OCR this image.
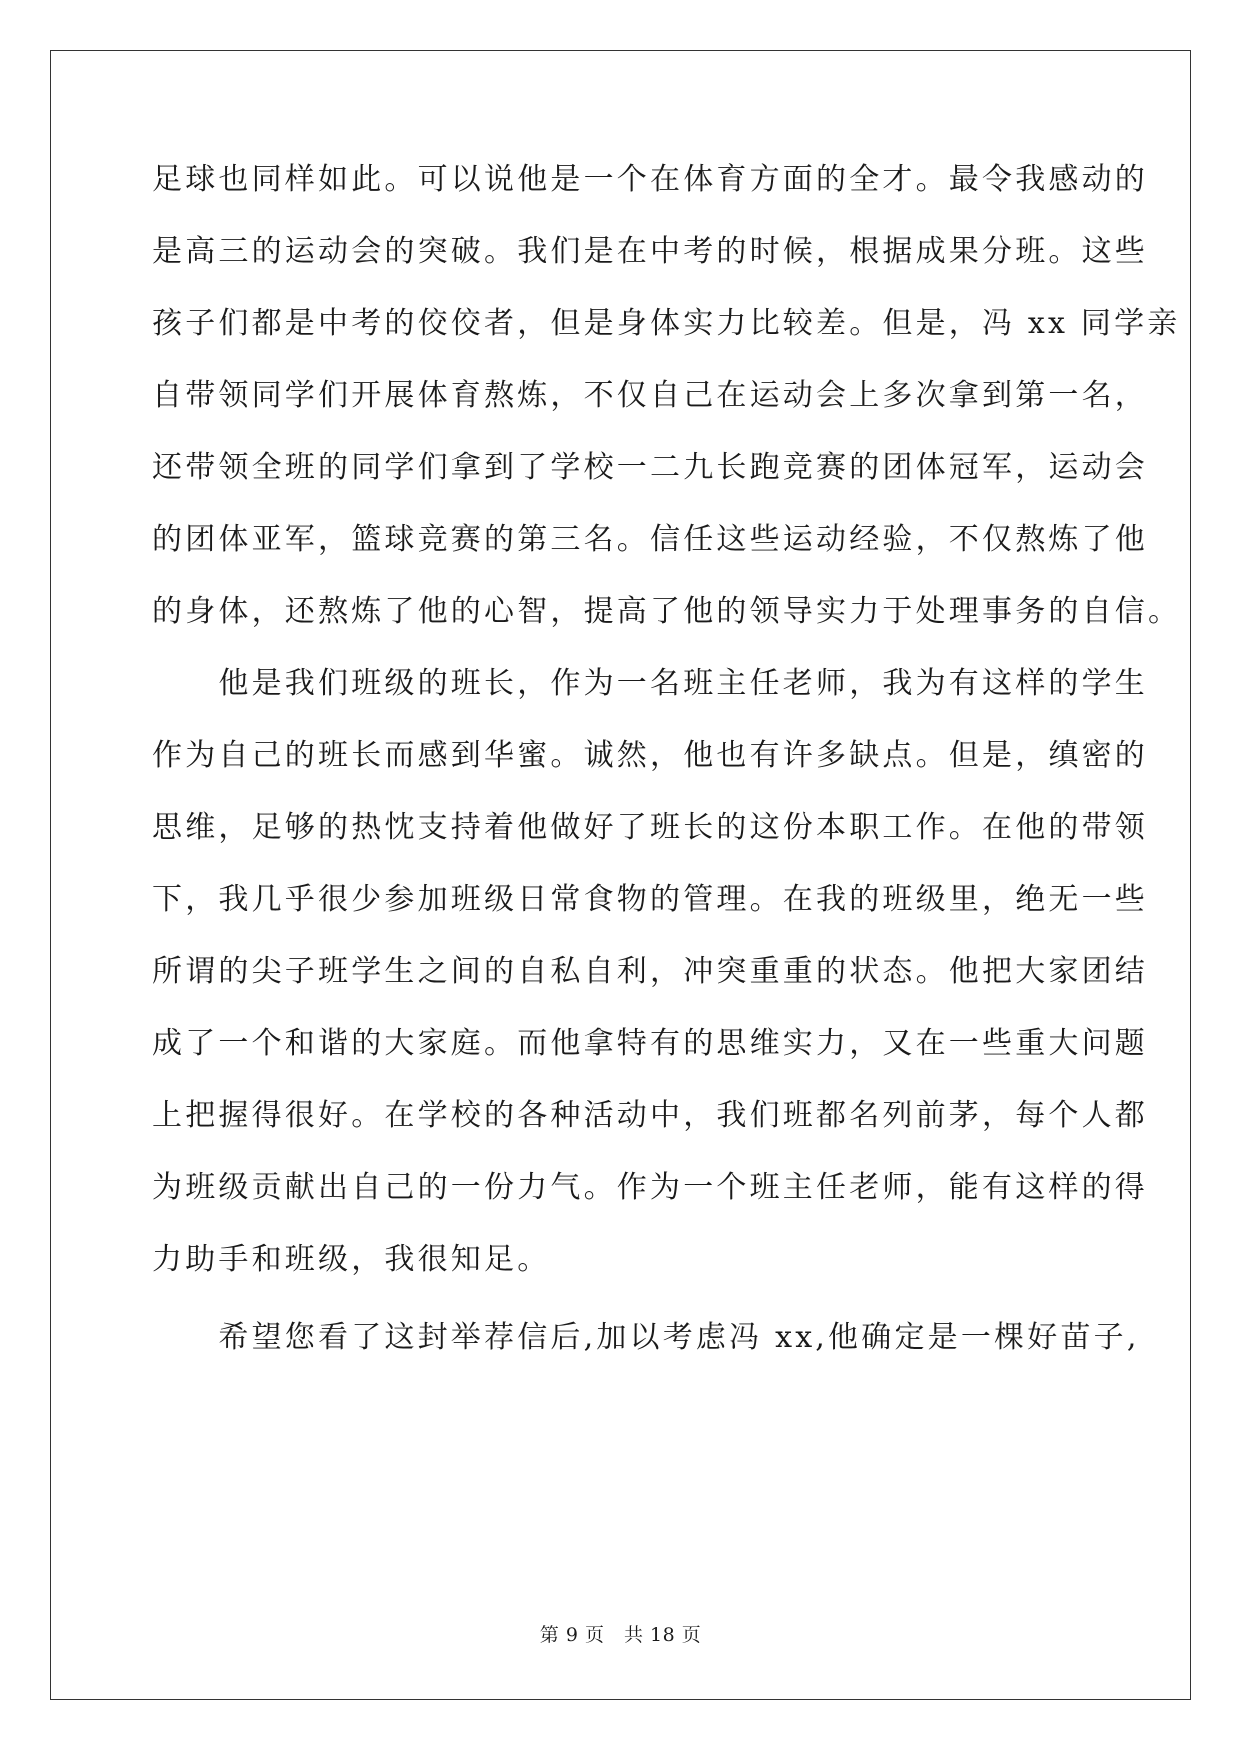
足球也同样如此。可以说他是一个在体育方面的全才。最令我感动的
是高三的运动会的突破。我们是在中考的时候，根据成果分班。这些
孩子们都是中考的佼佼者，但是身体实力比较差。但是，冯 xx 同学亲
自带领同学们开展体育熬炼，不仅自己在运动会上多次拿到第一名，
还带领全班的同学们拿到了学校一二九长跑竞赛的团体冠军，运动会
的团体亚军，篮球竞赛的第三名。信任这些运动经验，不仅熬炼了他
的身体，还熬炼了他的心智，提高了他的领导实力于处理事务的自信。
　　他是我们班级的班长，作为一名班主任老师，我为有这样的学生
作为自己的班长而感到华蜜。诚然，他也有许多缺点。但是，缜密的
思维，足够的热忱支持着他做好了班长的这份本职工作。在他的带领
下，我几乎很少参加班级日常食物的管理。在我的班级里，绝无一些
所谓的尖子班学生之间的自私自利，冲突重重的状态。他把大家团结
成了一个和谐的大家庭。而他拿特有的思维实力，又在一些重大问题
上把握得很好。在学校的各种活动中，我们班都名列前茅，每个人都
为班级贡献出自己的一份力气。作为一个班主任老师，能有这样的得
力助手和班级，我很知足。
　　希望您看了这封举荐信后,加以考虑冯 xx,他确定是一棵好苗子,
第 9 页　共 18 页
